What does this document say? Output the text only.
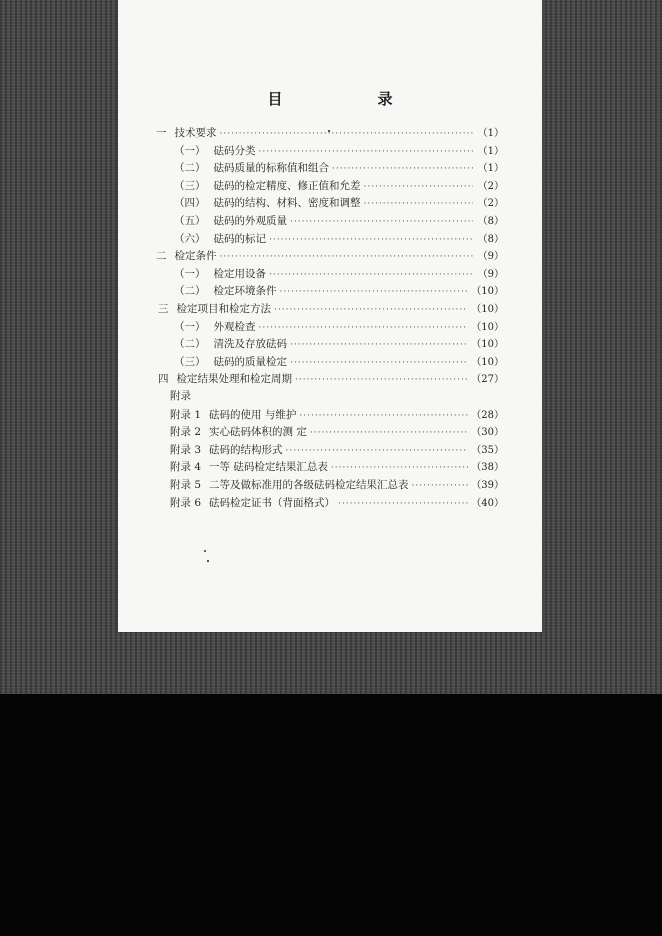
目　录
一 技术要求 ·····	（1）
（一） 砝码分类 ·····	（1）
（二） 砝码质量的标称值和组合 ·····	（1）
（三） 砝码的检定精度、修正值和允差 ·····	（2）
（四） 砝码的结构、材料、密度和调整 ·····	（2）
（五） 砝码的外观质量 ·····	（8）
（六） 砝码的标记 ·····	（8）
二 检定条件 ·····	（9）
（一） 检定用设备 ·····	（9）
（二） 检定环境条件 ·····	（10）
三 检定项目和检定方法 ·····	（10）
（一） 外观检查 ·····	（10）
（二） 清洗及存放砝码 ·····	（10）
（三） 砝码的质量检定 ·····	（10）
四 检定结果处理和检定周期 ·····	（27）
附录
附录 1 砝码的使用 与维护 ·····	（28）
附录 2 实心砝码体积的测 定 ·····	（30）
附录 3 砝码的结构形式 ·····	（35）
附录 4 一等 砝码检定结果汇总表 ·····	（38）
附录 5 二等及做标准用的各级砝码检定结果汇总表 ·····	（39）
附录 6 砝码检定证书（背面格式） ·····	（40）
